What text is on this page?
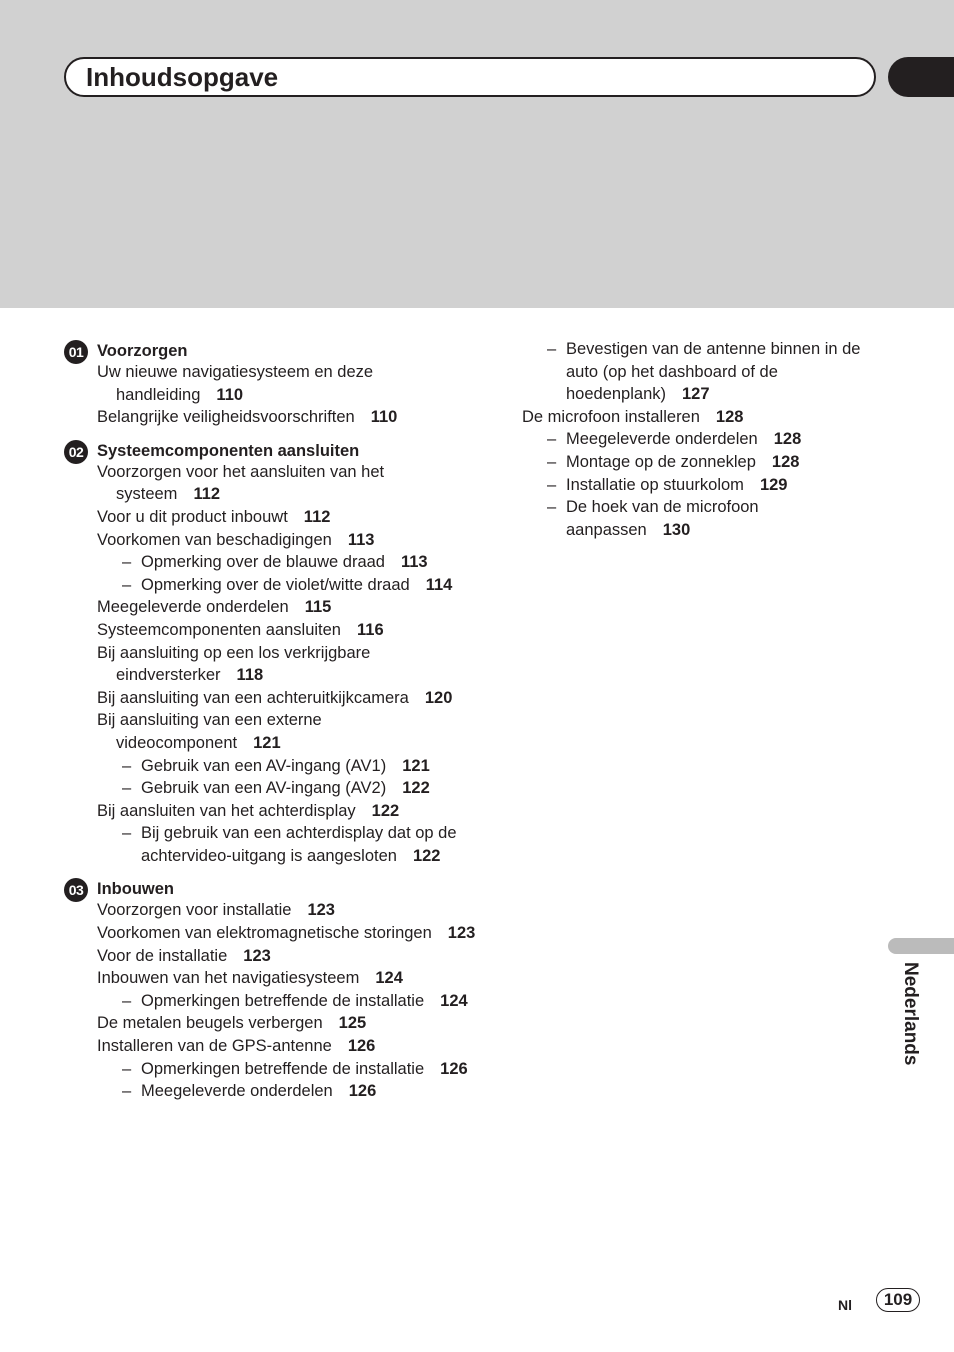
Inhoudsopgave
01 Voorzorgen
Uw nieuwe navigatiesysteem en deze handleiding 110
Belangrijke veiligheidsvoorschriften 110
02 Systeemcomponenten aansluiten
Voorzorgen voor het aansluiten van het systeem 112
Voor u dit product inbouwt 112
Voorkomen van beschadigingen 113
– Opmerking over de blauwe draad 113
– Opmerking over de violet/witte draad 114
Meegeleverde onderdelen 115
Systeemcomponenten aansluiten 116
Bij aansluiting op een los verkrijgbare eindversterker 118
Bij aansluiting van een achteruitkijkcamera 120
Bij aansluiting van een externe videocomponent 121
– Gebruik van een AV-ingang (AV1) 121
– Gebruik van een AV-ingang (AV2) 122
Bij aansluiten van het achterdisplay 122
– Bij gebruik van een achterdisplay dat op de achtervideo-uitgang is aangesloten 122
03 Inbouwen
Voorzorgen voor installatie 123
Voorkomen van elektromagnetische storingen 123
Voor de installatie 123
Inbouwen van het navigatiesysteem 124
– Opmerkingen betreffende de installatie 124
De metalen beugels verbergen 125
Installeren van de GPS-antenne 126
– Opmerkingen betreffende de installatie 126
– Meegeleverde onderdelen 126
– Bevestigen van de antenne binnen in de auto (op het dashboard of de hoedenplank) 127
De microfoon installeren 128
– Meegeleverde onderdelen 128
– Montage op de zonneklep 128
– Installatie op stuurkolom 129
– De hoek van de microfoon aanpassen 130
Nederlands
Nl	109
